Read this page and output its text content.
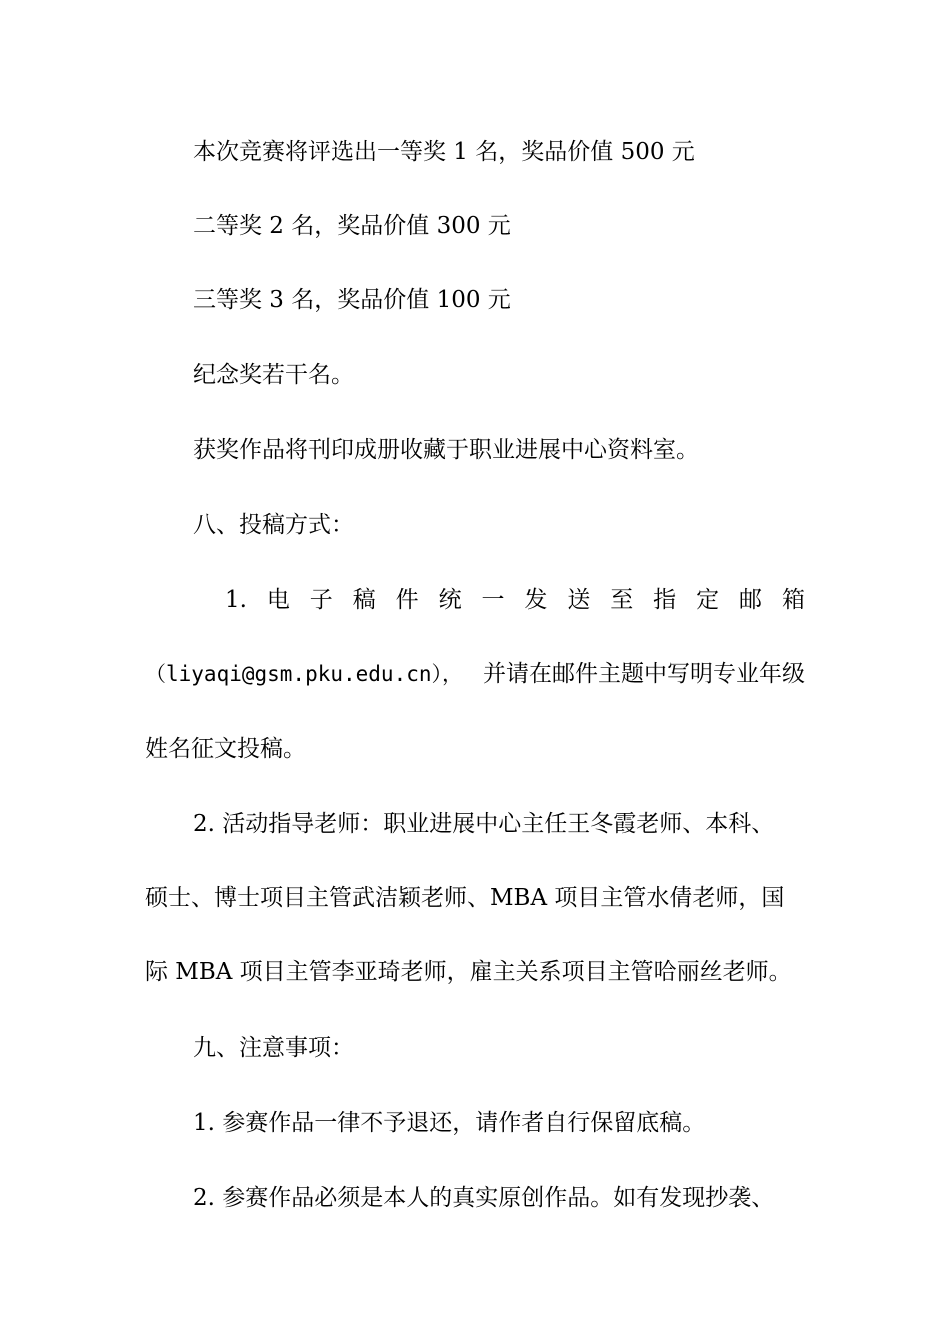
本次竞赛将评选出一等奖 1 名，奖品价值 500 元
二等奖 2 名，奖品价值 300 元
三等奖 3 名，奖品价值 100 元
纪念奖若干名。
获奖作品将刊印成册收藏于职业进展中心资料室。
八、投稿方式：
1. 电 子 稿 件 统 一 发 送 至 指 定 邮 箱
（liyaqi@gsm.pku.edu.cn）， 并请在邮件主题中写明专业年级
姓名征文投稿。
2. 活动指导老师：职业进展中心主任王冬霞老师、本科、
硕士、博士项目主管武洁颖老师、MBA 项目主管水倩老师，国
际 MBA 项目主管李亚琦老师，雇主关系项目主管哈丽丝老师。
九、注意事项：
1. 参赛作品一律不予退还，请作者自行保留底稿。
2. 参赛作品必须是本人的真实原创作品。如有发现抄袭、
